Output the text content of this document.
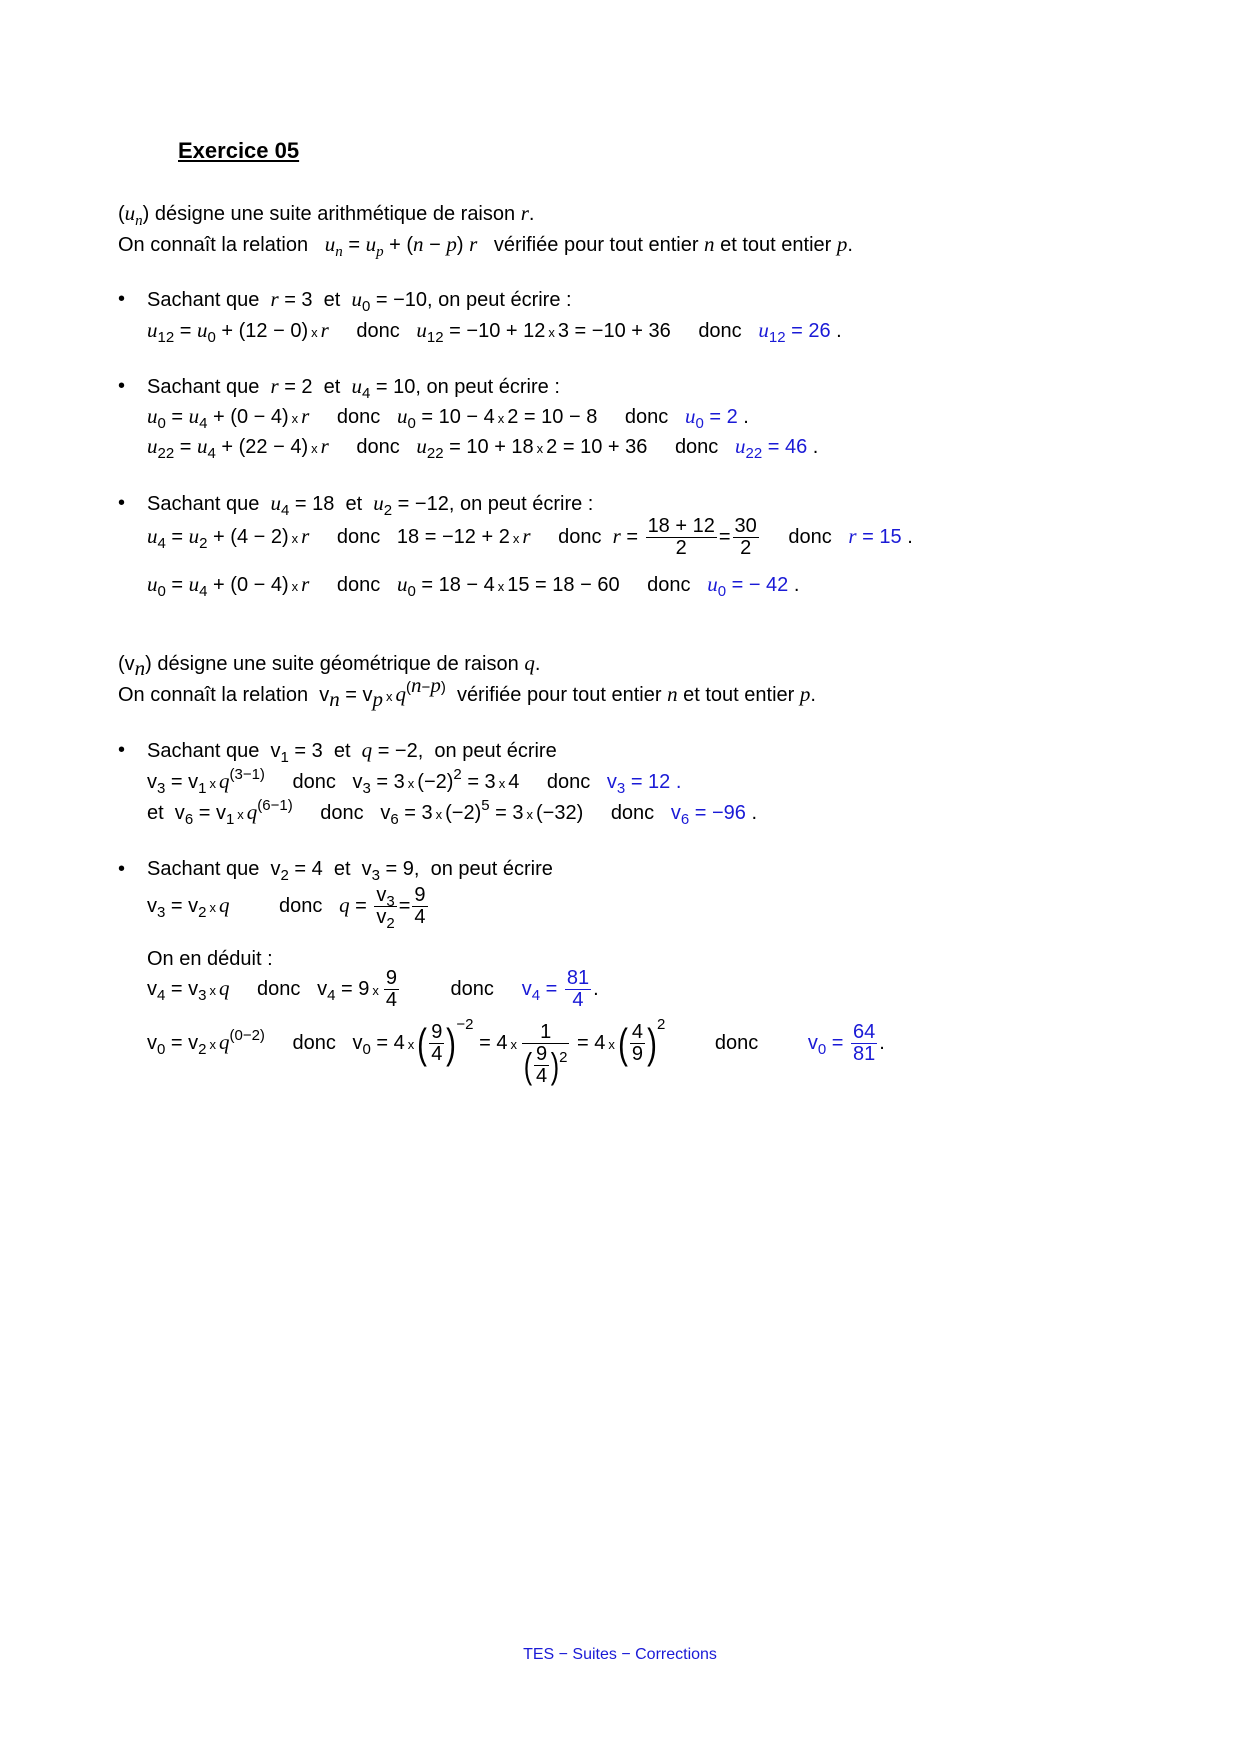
Exercice 05
$(u_n)$ désigne une suite arithmétique de raison r.
On connaît la relation $u_n = u_p + (n - p)$ r vérifiée pour tout entier n et tout entier p.
• Sachant que r = 3  et $u_0 = -10$, on peut écrire :
$u_{12} = u_0 + (12 - 0)$ x r donc $u_{12} = -10 + 12$ x 3 = −10 + 36 donc $u_{12} = 26$ .
• Sachant que r = 2  et $u_4 = 10$, on peut écrire :
$u_0 = u_4 + (0 - 4)$ x r donc $u_0 = 10 - 4$ x 2 = 10 − 8 donc $u_0 = 2$ .
$u_{22} = u_4 + (22 - 4)$ x r donc $u_{22} = 10 + 18$ x 2 = 10 + 36 donc $u_{22} = 46$ .
• Sachant que $u_4 = 18$  et $u_2 = -12$, on peut écrire :
$u_4 = u_2 + (4 - 2)$ x r donc   18 = −12 + 2 x r donc $r = \frac{18 + 12}{2} = \frac{30}{2}$ donc r = 15 .
$u_0 = u_4 + (0 - 4)$ x r donc $u_0 = 18 - 4$ x 15 = 18 − 60 donc $u_0$ = − 42 .
$(v_n)$ désigne une suite géométrique de raison q.
On connaît la relation  $v_n = v_p$ x $q^{(n-p)}$ vérifiée pour tout entier n et tout entier p.
• Sachant que  $v_1 = 3$  et q = −2,  on peut écrire
$v_3 = v_1$ x $q^{(3-1)}$ donc   $v_3 = 3$ x $(-2)^2 = 3$ x 4 donc $v_3 = 12$ .
et  $v_6 = v_1$ x $q^{(6-1)}$ donc   $v_6 = 3$ x $(-2)^5 = 3$ x (−32) donc $v_6 = -96$ .
• Sachant que  $v_2 = 4$  et  $v_3 = 9$,  on peut écrire
$v_3 = v_2$ x q donc $q = \frac{v_3}{v_2} = \frac{9}{4}$
On en déduit :
$v_4 = v_3$ x q donc   $v_4 = 9$ x $\frac{9}{4}$	donc $v_4 = \frac{81}{4}$ .
$v_0 = v_2$ x $q^{(0-2)}$ donc   $v_0 = 4$ $x( \frac{9}{4} )^{-2} = 4$ x $\frac{1}{( \frac{9}{4} )^2} = 4$ $x( \frac{4}{9} )^2$ donc $v_0 = \frac{64}{81}$ .
TES − Suites − Corrections
